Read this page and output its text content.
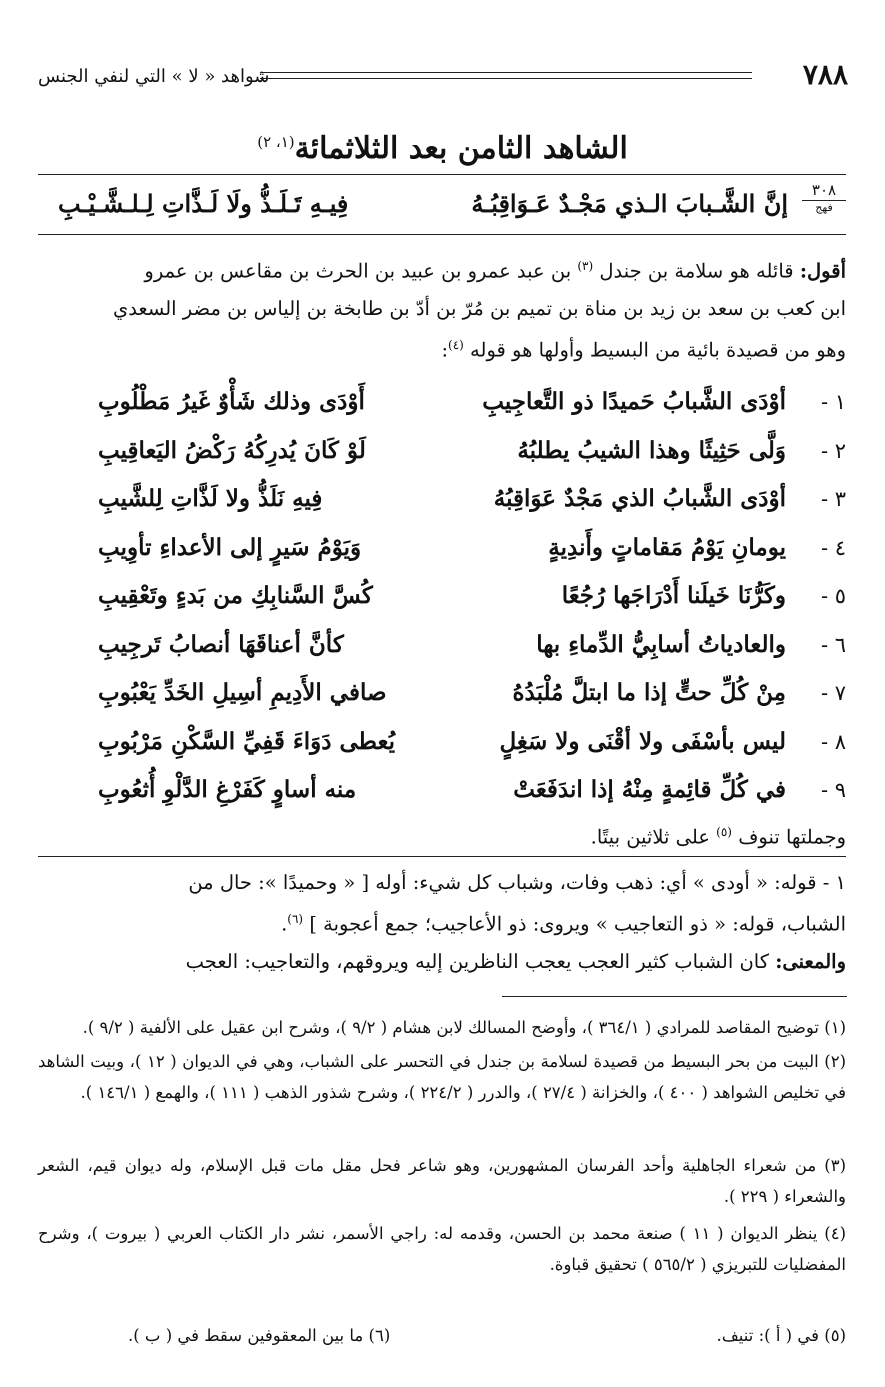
٧٨٨
شواهد « لا » التي لنفي الجنس
الشاهد الثامن بعد الثلاثمائة$^{(١، ٢)}$
٣٠٨
فهج
إنَّ الشَّـبابَ الـذي مَجْـدٌ عَـوَاقِبُـهُ
فِيـهِ تَـلَـذُّ ولَا لَـذَّاتِ لِـلـشَّـيْـبِ
أقول: قائله هو سلامة بن جندل $^{(٣)}$ بن عبد عمرو بن عبيد بن الحرث بن مقاعس بن عمرو
ابن كعب بن سعد بن زيد بن مناة بن تميم بن مُرّ بن أدّ بن طابخة بن إلياس بن مضر السعدي
وهو من قصيدة بائية من البسيط وأولها هو قوله $^{(٤)}$:
١ -
أوْدَى الشَّبابُ حَميدًا ذو التَّعاجِيبِ
أَوْدَى وذلك شَأْوٌ غَيرُ مَطْلُوبِ
٢ -
وَلَّى حَثِيثًا وهذا الشيبُ يطلبُهُ
لَوْ كَانَ يُدرِكُهُ رَكْضُ اليَعاقِيبِ
٣ -
أوْدَى الشَّبابُ الذي مَجْدٌ عَوَاقِبُهُ
فِيهِ نَلَذُّ ولا لَذَّاتِ لِلشَّيبِ
٤ -
يومانِ يَوْمُ مَقاماتٍ وأَندِيةٍ
وَيَوْمُ سَيرٍ إلى الأعداءِ تأوِيبِ
٥ -
وكَرُّنَا خَيلَنا أَدْرَاجَها رُجُعًا
كُسَّ السَّنابِكِ من بَدءٍ وتَعْقِيبِ
٦ -
والعادياتُ أسابِيُّ الدِّماءِ بها
كأنَّ أعناقَهَا أنصابُ تَرجِيبِ
٧ -
مِنْ كُلِّ حتٍّ إذا ما ابتلَّ مُلْبَدُهُ
صافي الأَدِيمِ أسِيلِ الخَدِّ يَعْبُوبِ
٨ -
ليس بأسْفَى ولا أقْنَى ولا سَغِلٍ
يُعطى دَوَاءَ قَفِيِّ السَّكْنِ مَرْبُوبِ
٩ -
في كُلِّ قائِمةٍ مِنْهُ إذا اندَفَعَتْ
منه أساوٍ كَفَرْغِ الدَّلْوِ أُثعُوبِ
وجملتها تنوف $^{(٥)}$ على ثلاثين بيتًا.
١ - قوله: « أودى » أي: ذهب وفات، وشباب كل شيء: أوله [ « وحميدًا »: حال من
الشباب، قوله: « ذو التعاجيب » ويروى: ذو الأعاجيب؛ جمع أعجوبة ] $^{(٦)}$.
والمعنى: كان الشباب كثير العجب يعجب الناظرين إليه ويروقهم، والتعاجيب: العجب
(١) توضيح المقاصد للمرادي ( ٣٦٤/١ )، وأوضح المسالك لابن هشام ( ٩/٢ )، وشرح ابن عقيل على الألفية ( ٩/٢ ).
(٢) البيت من بحر البسيط من قصيدة لسلامة بن جندل في التحسر على الشباب، وهي في الديوان ( ١٢ )، وبيت الشاهد في تخليص الشواهد ( ٤٠٠ )، والخزانة ( ٢٧/٤ )، والدرر ( ٢٢٤/٢ )، وشرح شذور الذهب ( ١١١ )، والهمع ( ١٤٦/١ ).
(٣) من شعراء الجاهلية وأحد الفرسان المشهورين، وهو شاعر فحل مقل مات قبل الإسلام، وله ديوان قيم، الشعر والشعراء ( ٢٢٩ ).
(٤) ينظر الديوان ( ١١ ) صنعة محمد بن الحسن، وقدمه له: راجي الأسمر، نشر دار الكتاب العربي ( بيروت )، وشرح المفضليات للتبريزي ( ٥٦٥/٢ ) تحقيق قباوة.
(٥) في ( أ ): تنيف.
(٦) ما بين المعقوفين سقط في ( ب ).
